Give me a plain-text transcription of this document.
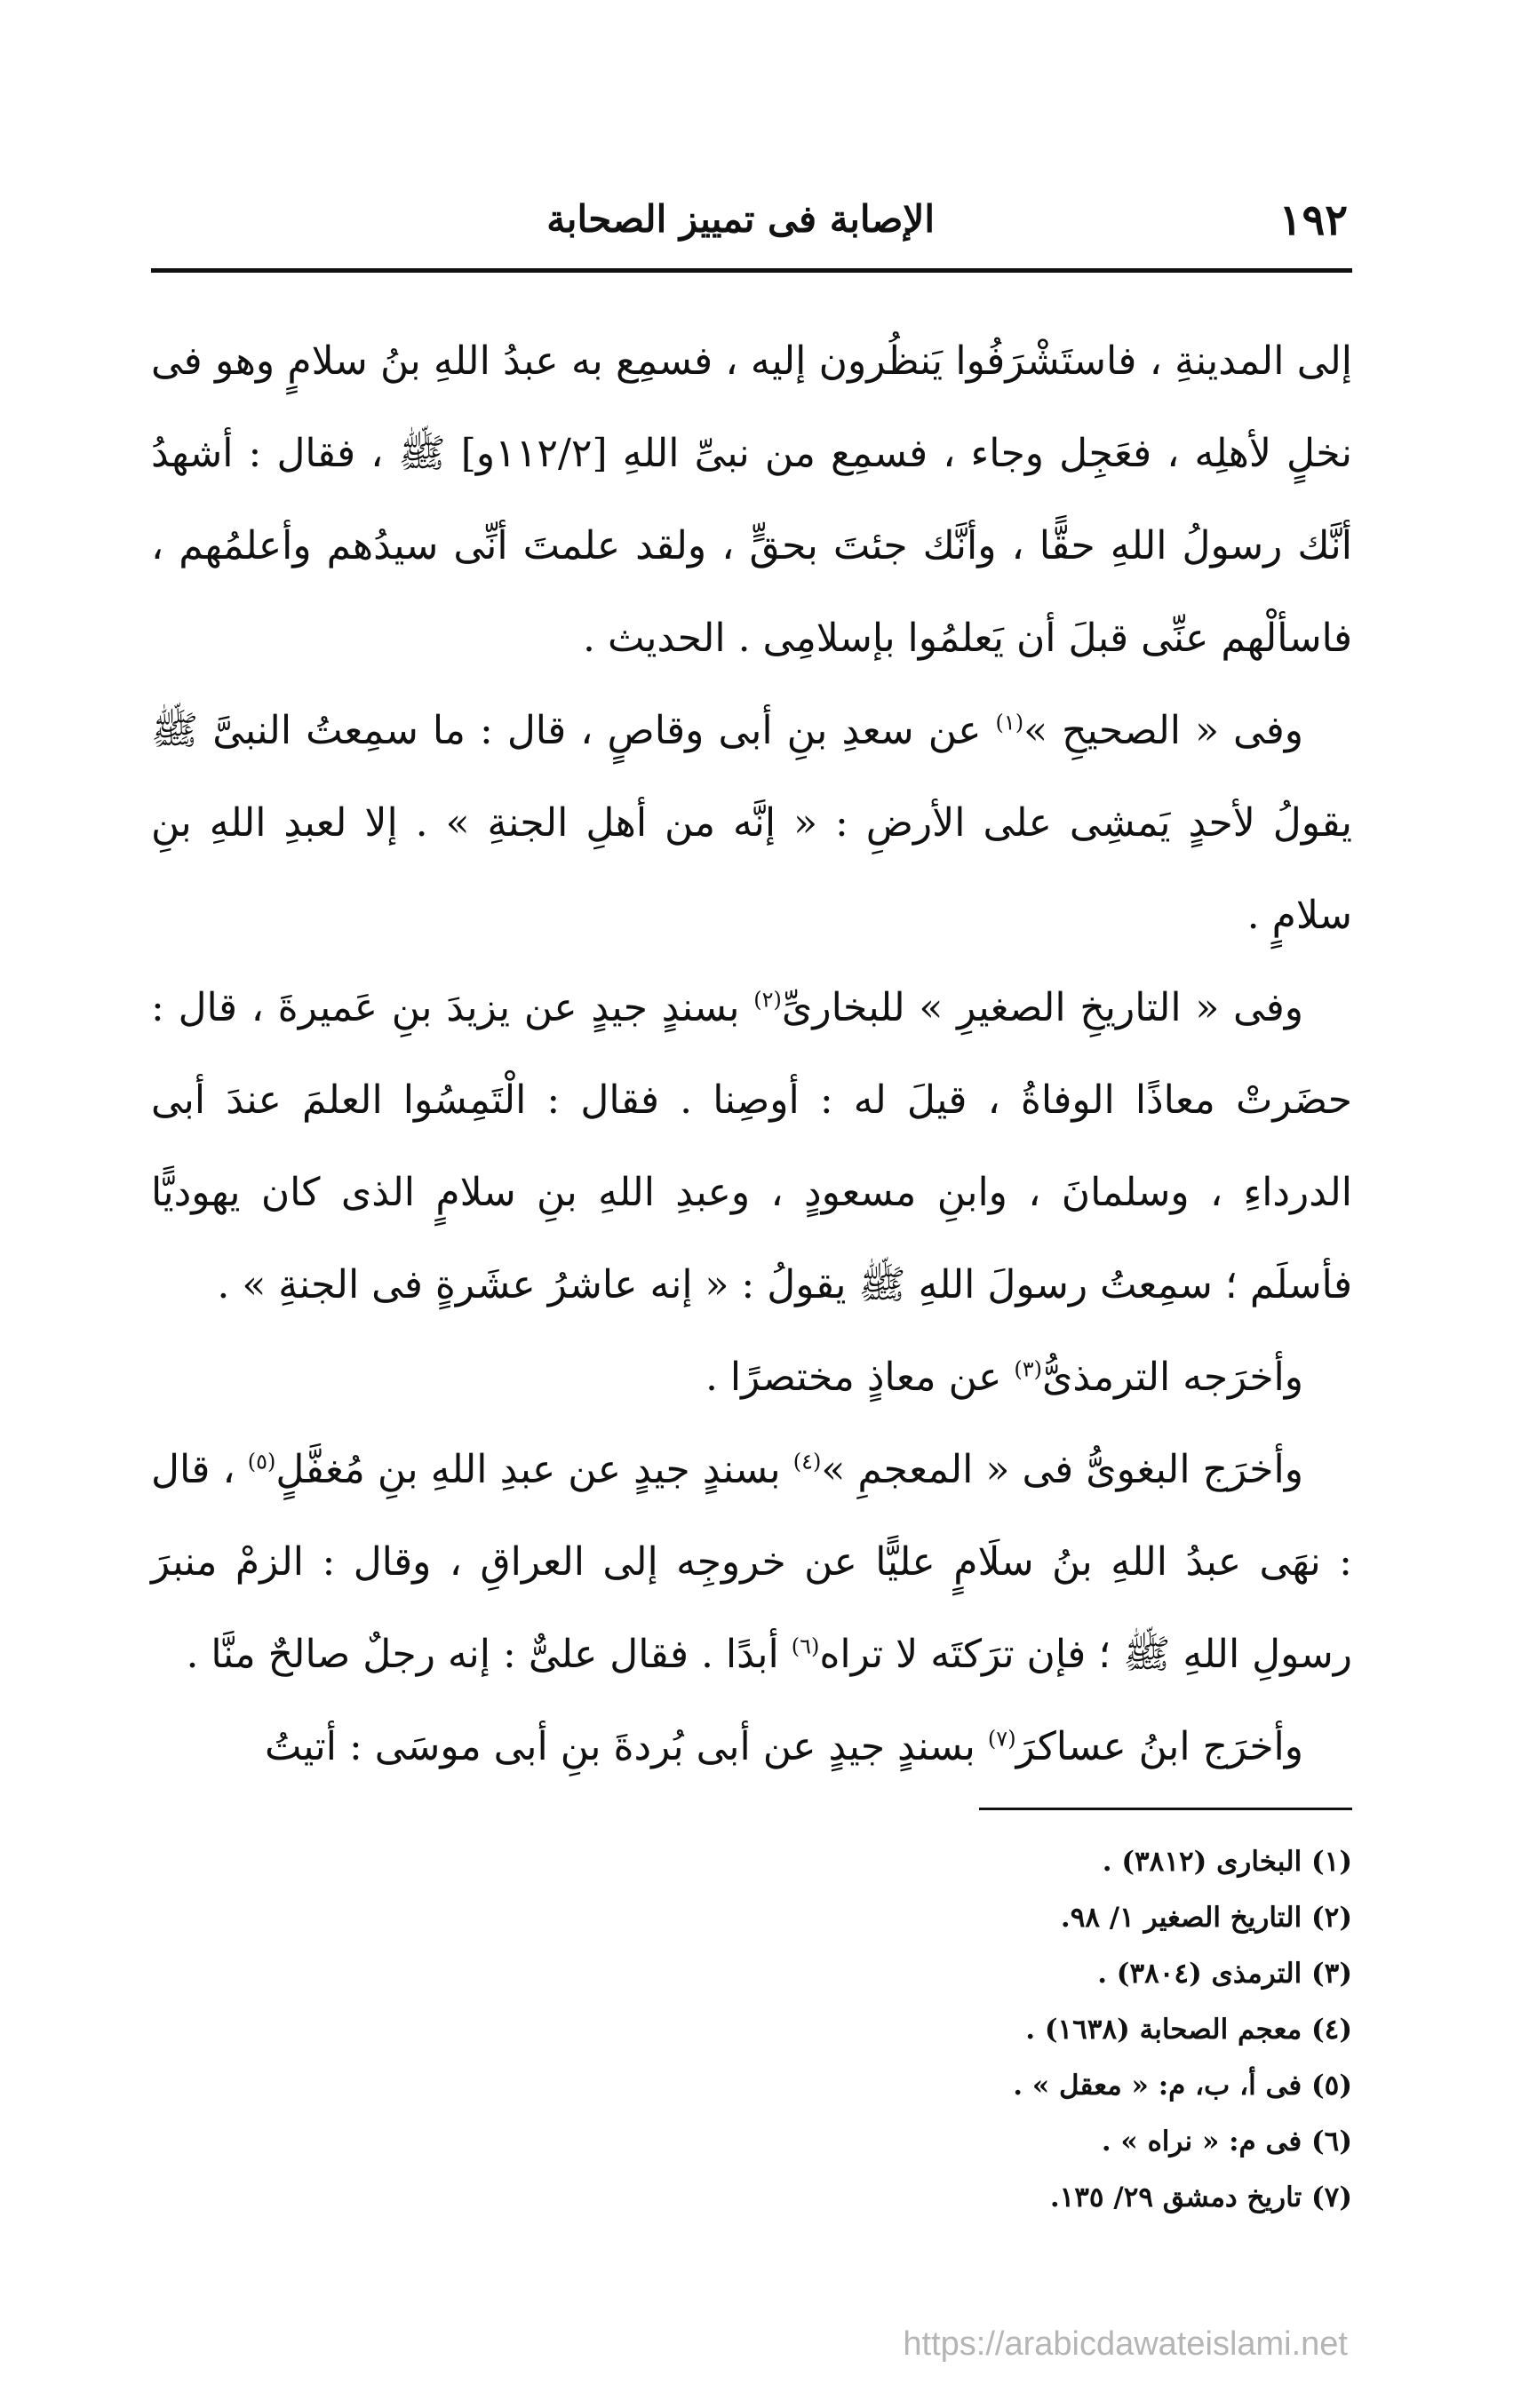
١٩٢
الإصابة فى تمييز الصحابة

إلى المدينةِ ، فاستَشْرَفُوا يَنظُرون إليه ، فسمِع به عبدُ اللهِ بنُ سلامٍ وهو فى نخلٍ لأهلِه ، فعَجِل وجاء ، فسمِع من نبىِّ اللهِ [١١٢/٢و] ﷺ ، فقال : أشهدُ أنَّك رسولُ اللهِ حقًّا ، وأنَّك جئتَ بحقٍّ ، ولقد علمتَ أنِّى سيدُهم وأعلمُهم ، فاسألْهم عنِّى قبلَ أن يَعلمُوا بإسلامِى . الحديث .

وفى « الصحيحِ »$^{(١)}$ عن سعدِ بنِ أبى وقاصٍ ، قال : ما سمِعتُ النبىَّ ﷺ يقولُ لأحدٍ يَمشِى على الأرضِ : « إنَّه من أهلِ الجنةِ » . إلا لعبدِ اللهِ بنِ سلامٍ .

وفى « التاريخِ الصغيرِ » للبخارىِّ$^{(٢)}$ بسندٍ جيدٍ عن يزيدَ بنِ عَميرةَ ، قال : حضَرتْ معاذًا الوفاةُ ، قيلَ له : أوصِنا . فقال : الْتَمِسُوا العلمَ عندَ أبى الدرداءِ ، وسلمانَ ، وابنِ مسعودٍ ، وعبدِ اللهِ بنِ سلامٍ الذى كان يهوديًّا فأسلَم ؛ سمِعتُ رسولَ اللهِ ﷺ يقولُ : « إنه عاشرُ عشَرةٍ فى الجنةِ » .

وأخرَجه الترمذىُّ$^{(٣)}$ عن معاذٍ مختصرًا .

وأخرَج البغوىُّ فى « المعجمِ »$^{(٤)}$ بسندٍ جيدٍ عن عبدِ اللهِ بنِ مُغفَّلٍ$^{(٥)}$ ، قال : نهَى عبدُ اللهِ بنُ سلَامٍ عليًّا عن خروجِه إلى العراقِ ، وقال : الزمْ منبرَ رسولِ اللهِ ﷺ ؛ فإن ترَكتَه لا تراه$^{(٦)}$ أبدًا . فقال علىٌّ : إنه رجلٌ صالحٌ منَّا .

وأخرَج ابنُ عساكرَ$^{(٧)}$ بسندٍ جيدٍ عن أبى بُردةَ بنِ أبى موسَى : أتيتُ

(١) البخارى (٣٨١٢) .

(٢) التاريخ الصغير ١/ ٩٨.

(٣) الترمذى (٣٨٠٤) .

(٤) معجم الصحابة (١٦٣٨) .

(٥) فى أ، ب، م: « معقل » .

(٦) فى م: « نراه » .

(٧) تاريخ دمشق ٢٩/ ١٣٥.

https://arabicdawateislami.net
